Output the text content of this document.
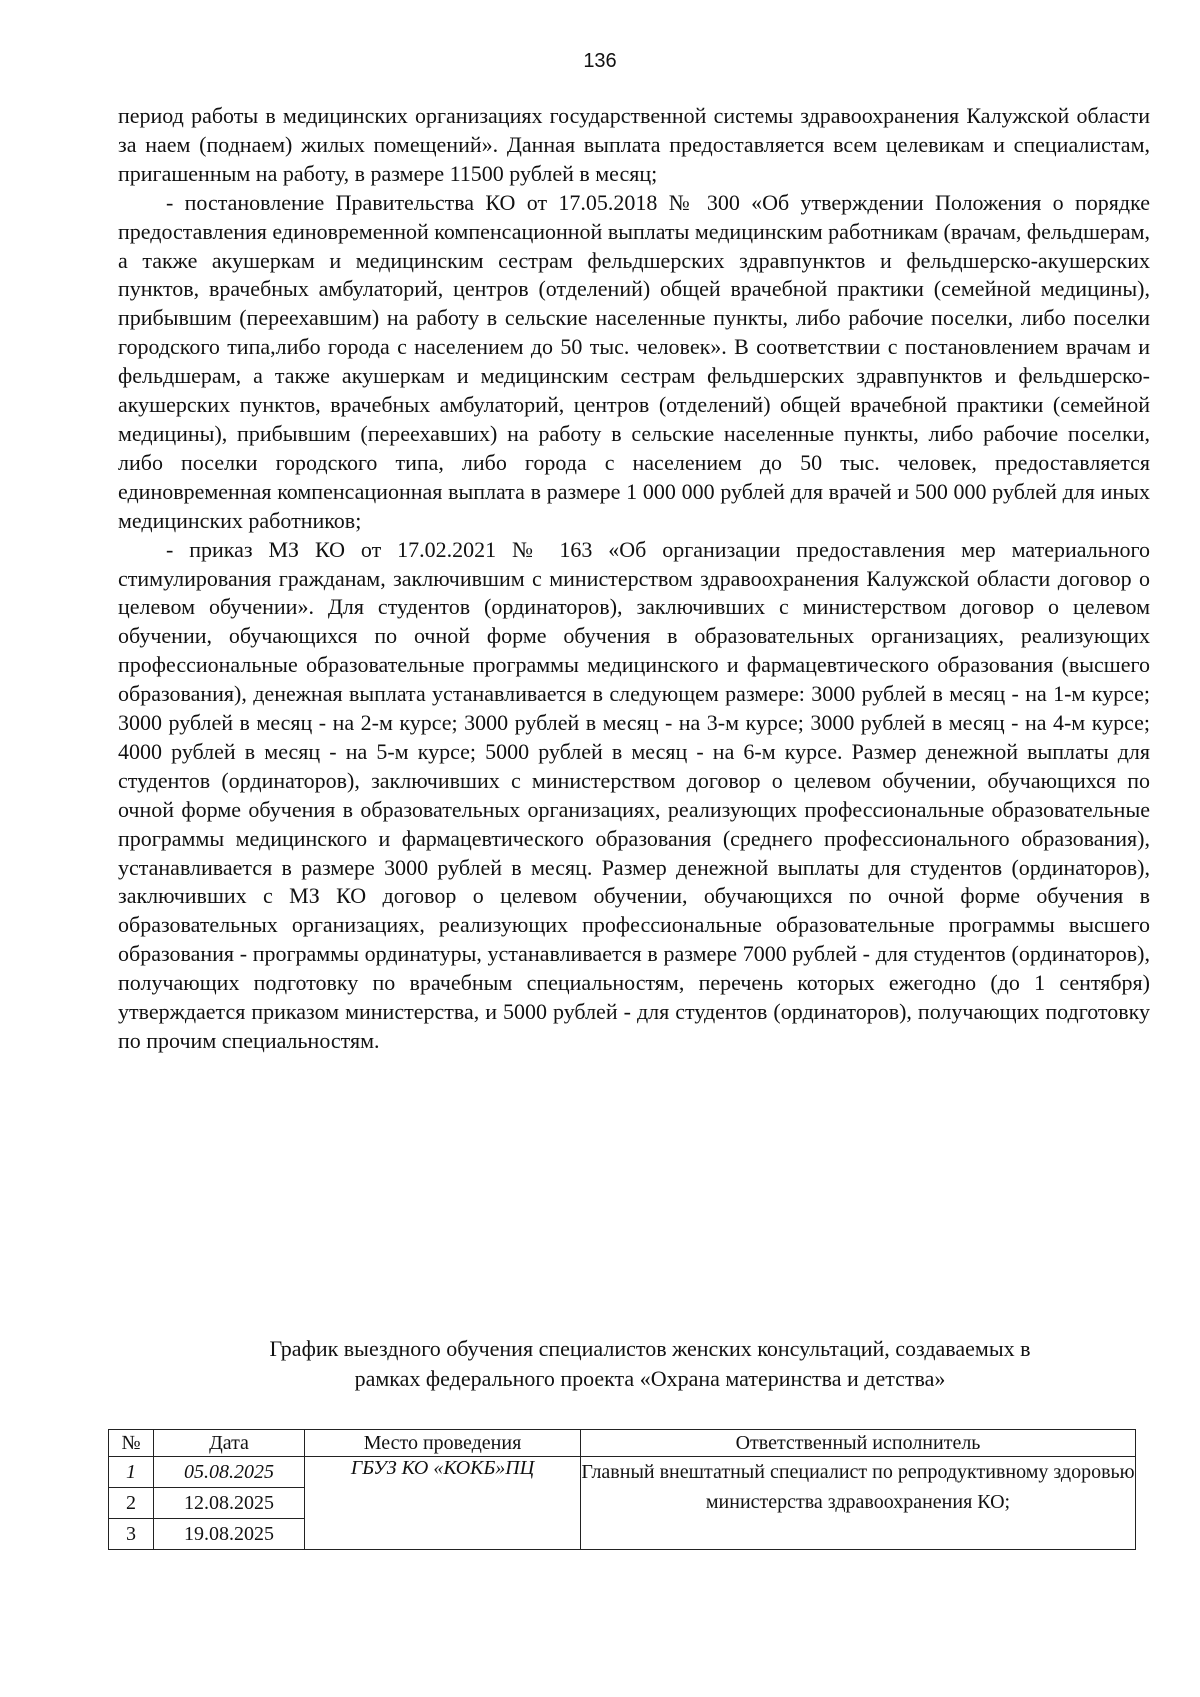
136

период работы в медицинских организациях государственной системы здравоохранения Калужской области за наем (поднаем) жилых помещений». Данная выплата предоставляется всем целевикам и специалистам, пригашенным на работу, в размере 11500 рублей в месяц;

- постановление Правительства КО от 17.05.2018 № 300 «Об утверждении Положения о порядке предоставления единовременной компенсационной выплаты медицинским работникам (врачам, фельдшерам, а также акушеркам и медицинским сестрам фельдшерских здравпунктов и фельдшерско-акушерских пунктов, врачебных амбулаторий, центров (отделений) общей врачебной практики (семейной медицины), прибывшим (переехавшим) на работу в сельские населенные пункты, либо рабочие поселки, либо поселки городского типа,либо города с населением до 50 тыс. человек». В соответствии с постановлением врачам и фельдшерам, а также акушеркам и медицинским сестрам фельдшерских здравпунктов и фельдшерско-акушерских пунктов, врачебных амбулаторий, центров (отделений) общей врачебной практики (семейной медицины), прибывшим (переехавших) на работу в сельские населенные пункты, либо рабочие поселки, либо поселки городского типа, либо города с населением до 50 тыс. человек, предоставляется единовременная компенсационная выплата в размере 1 000 000 рублей для врачей и 500 000 рублей для иных медицинских работников;

- приказ МЗ КО от 17.02.2021 № 163 «Об организации предоставления мер материального стимулирования гражданам, заключившим с министерством здравоохранения Калужской области договор о целевом обучении». Для студентов (ординаторов), заключивших с министерством договор о целевом обучении, обучающихся по очной форме обучения в образовательных организациях, реализующих профессиональные образовательные программы медицинского и фармацевтического образования (высшего образования), денежная выплата устанавливается в следующем размере: 3000 рублей в месяц - на 1-м курсе; 3000 рублей в месяц - на 2-м курсе; 3000 рублей в месяц - на 3-м курсе; 3000 рублей в месяц - на 4-м курсе; 4000 рублей в месяц - на 5-м курсе; 5000 рублей в месяц - на 6-м курсе. Размер денежной выплаты для студентов (ординаторов), заключивших с министерством договор о целевом обучении, обучающихся по очной форме обучения в образовательных организациях, реализующих профессиональные образовательные программы медицинского и фармацевтического образования (среднего профессионального образования), устанавливается в размере 3000 рублей в месяц. Размер денежной выплаты для студентов (ординаторов), заключивших с МЗ КО договор о целевом обучении, обучающихся по очной форме обучения в образовательных организациях, реализующих профессиональные образовательные программы высшего образования - программы ординатуры, устанавливается в размере 7000 рублей - для студентов (ординаторов), получающих подготовку по врачебным специальностям, перечень которых ежегодно (до 1 сентября) утверждается приказом министерства, и 5000 рублей - для студентов (ординаторов), получающих подготовку по прочим специальностям.

График выездного обучения специалистов женских консультаций, создаваемых в
рамках федерального проекта «Охрана материнства и детства»
№	Дата	Место проведения	Ответственный исполнитель
1	05.08.2025	ГБУЗ КО «КОКБ»ПЦ	Главный внештатный специалист по репродуктивному здоровью министерства здравоохранения КО;
2	12.08.2025		
3	19.08.2025		
